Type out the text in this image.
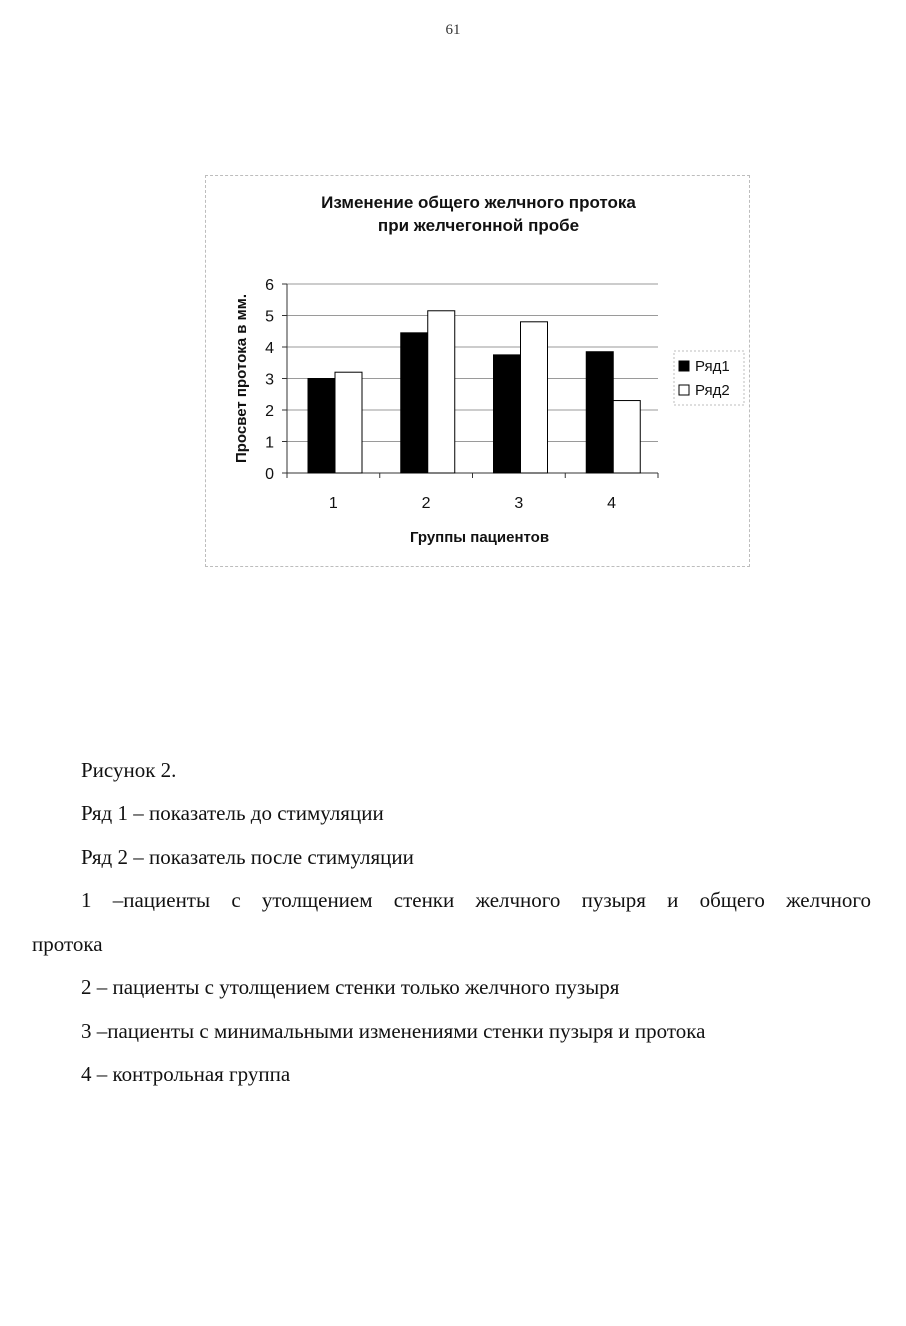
61
Изменение общего желчного протока
при желчегонной пробе
0
1
2
3
4
5
6
1	2	3	4
Группы пациентов
Просвет протока в мм.	Ряд1
Ряд2
Рисунок 2.
Ряд 1 – показатель до стимуляции
Ряд 2 – показатель после стимуляции
1 –пациенты с утолщением стенки желчного пузыря и общего желчного
протока
2 – пациенты с утолщением стенки только желчного пузыря
3 –пациенты с минимальными изменениями стенки пузыря и протока
4 – контрольная группа
